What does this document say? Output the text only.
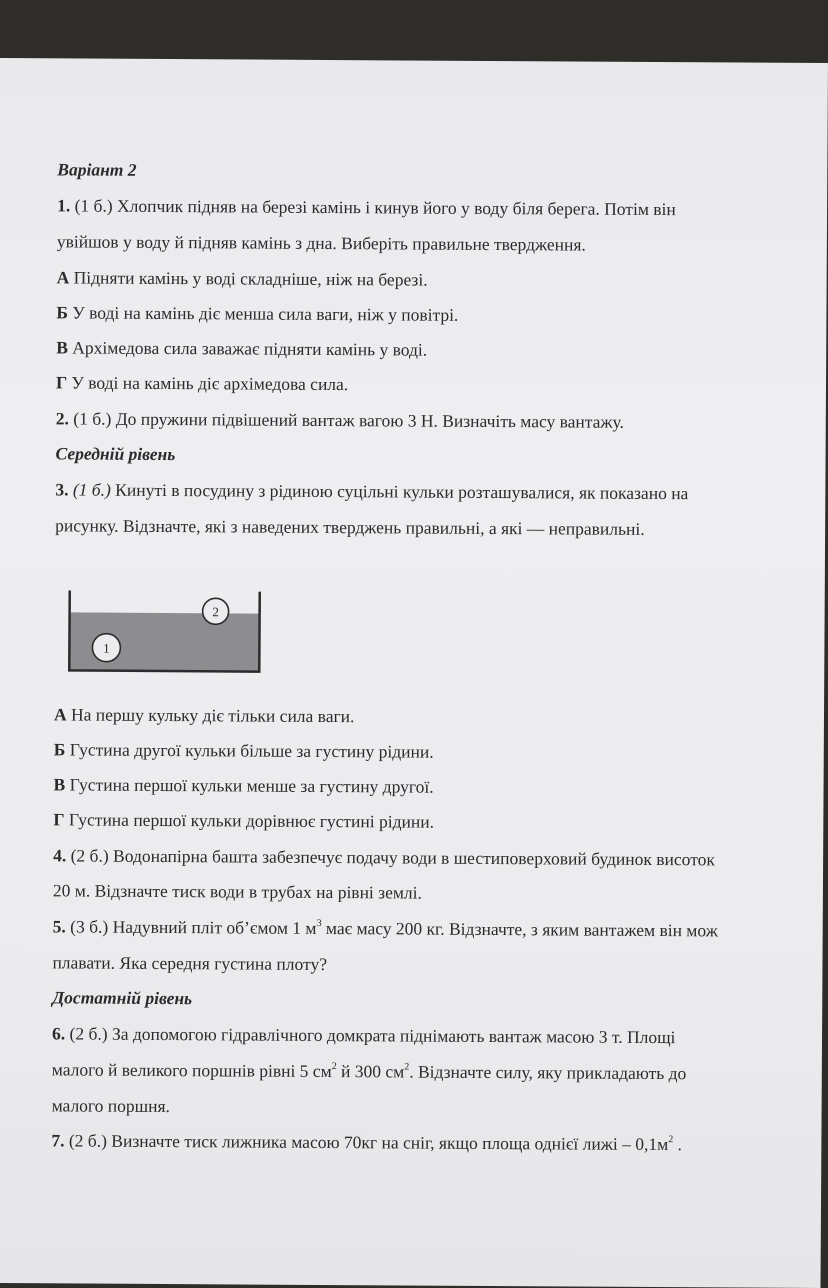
Варіант 2
1. (1 б.) Хлопчик підняв на березі камінь і кинув його у воду біля берега. Потім він
увійшов у воду й підняв камінь з дна. Виберіть правильне твердження.
А Підняти камінь у воді складніше, ніж на березі.
Б У воді на камінь діє менша сила ваги, ніж у повітрі.
В Архімедова сила заважає підняти камінь у воді.
Г У воді на камінь діє архімедова сила.
2. (1 б.) До пружини підвішений вантаж вагою 3 Н. Визначіть масу вантажу.
Середній рівень
3. (1 б.) Кинуті в посудину з рідиною суцільні кульки розташувалися, як показано на
рисунку. Відзначте, які з наведених тверджень правильні, а які — неправильні.
2
1
А На першу кульку діє тільки сила ваги.
Б Густина другої кульки більше за густину рідини.
В Густина першої кульки менше за густину другої.
Г Густина першої кульки дорівнює густині рідини.
4. (2 б.) Водонапірна башта забезпечує подачу води в шестиповерховий будинок висоток
20 м. Відзначте тиск води в трубах на рівні землі.
5. (3 б.) Надувний пліт об’ємом 1 $м^3$ має масу 200 кг. Відзначте, з яким вантажем він мож
плавати. Яка середня густина плоту?
Достатній рівень
6. (2 б.) За допомогою гідравлічного домкрата піднімають вантаж масою 3 т. Площі
малого й великого поршнів рівні 5 $см^2$ й 300 $см^2$. Відзначте силу, яку прикладають до
малого поршня.
7. (2 б.) Визначте тиск лижника масою 70кг на сніг, якщо площа однієї лижі – $0,1м^2$ .
